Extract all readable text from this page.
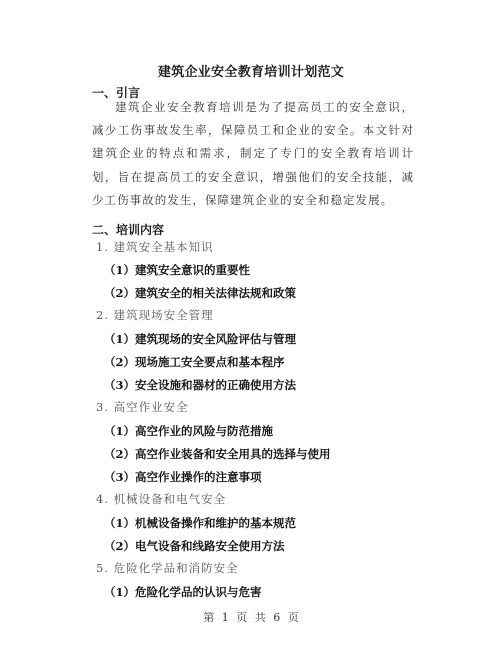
建筑企业安全教育培训计划范文
一、引言
建筑企业安全教育培训是为了提高员工的安全意识，减少工伤事故发生率，保障员工和企业的安全。本文针对建筑企业的特点和需求，制定了专门的安全教育培训计划，旨在提高员工的安全意识，增强他们的安全技能，减少工伤事故的发生，保障建筑企业的安全和稳定发展。
二、培训内容
1. 建筑安全基本知识
（1）建筑安全意识的重要性
（2）建筑安全的相关法律法规和政策
2. 建筑现场安全管理
（1）建筑现场的安全风险评估与管理
（2）现场施工安全要点和基本程序
（3）安全设施和器材的正确使用方法
3. 高空作业安全
（1）高空作业的风险与防范措施
（2）高空作业装备和安全用具的选择与使用
（3）高空作业操作的注意事项
4. 机械设备和电气安全
（1）机械设备操作和维护的基本规范
（2）电气设备和线路安全使用方法
5. 危险化学品和消防安全
（1）危险化学品的认识与危害
第 1 页 共 6 页
